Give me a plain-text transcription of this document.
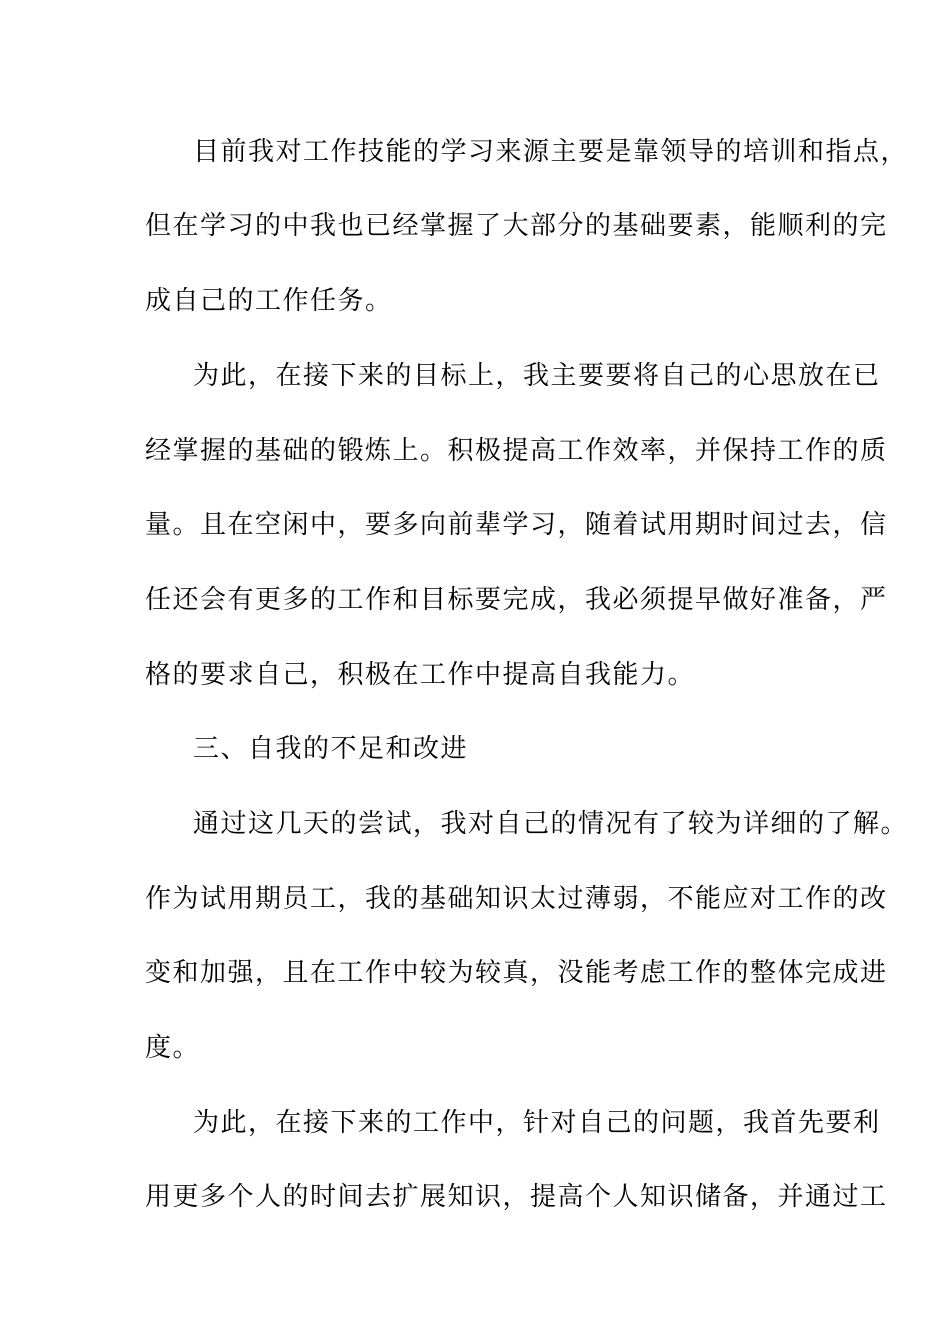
目前我对工作技能的学习来源主要是靠领导的培训和指点，
但在学习的中我也已经掌握了大部分的基础要素，能顺利的完
成自己的工作任务。
为此，在接下来的目标上，我主要要将自己的心思放在已
经掌握的基础的锻炼上。积极提高工作效率，并保持工作的质
量。且在空闲中，要多向前辈学习，随着试用期时间过去，信
任还会有更多的工作和目标要完成，我必须提早做好准备，严
格的要求自己，积极在工作中提高自我能力。
三、自我的不足和改进
通过这几天的尝试，我对自己的情况有了较为详细的了解。
作为试用期员工，我的基础知识太过薄弱，不能应对工作的改
变和加强，且在工作中较为较真，没能考虑工作的整体完成进
度。
为此，在接下来的工作中，针对自己的问题，我首先要利
用更多个人的时间去扩展知识，提高个人知识储备，并通过工
